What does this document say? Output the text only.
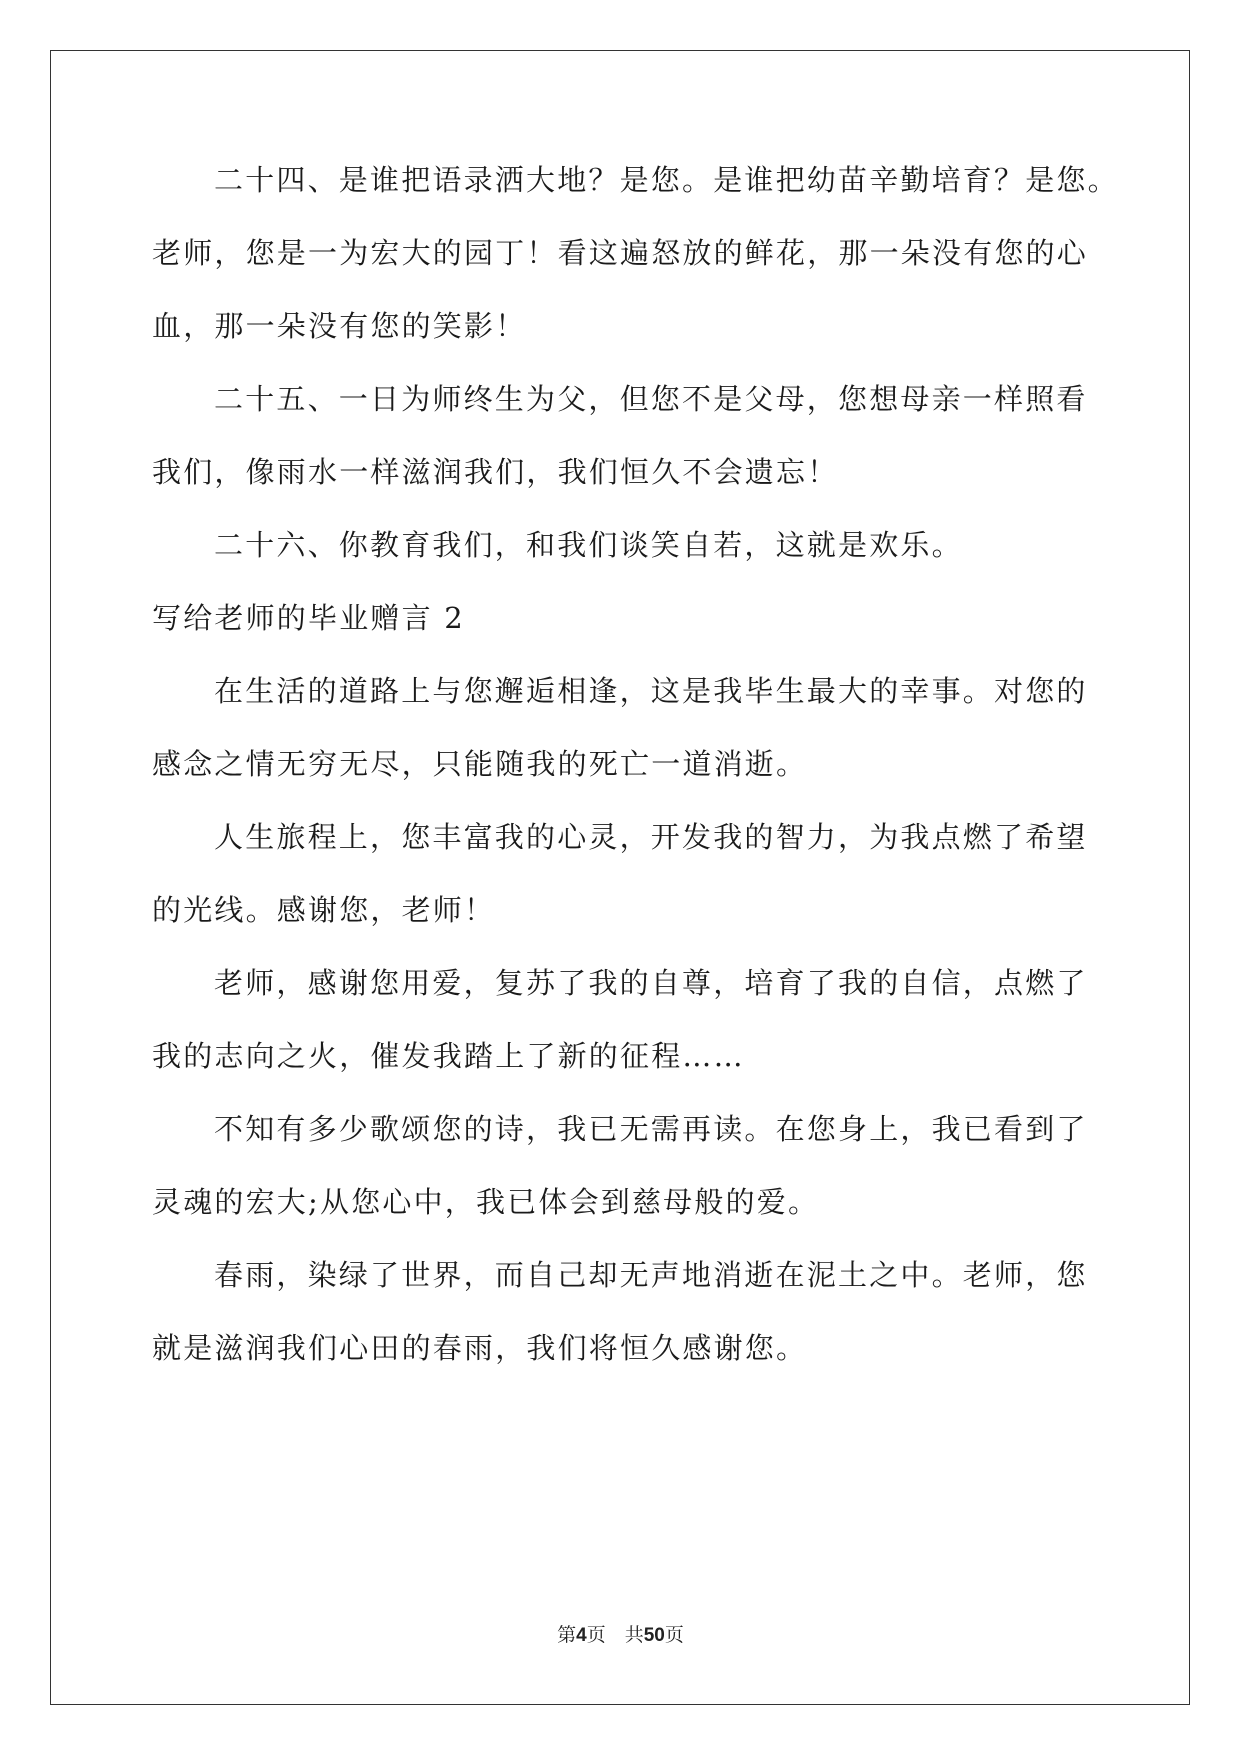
二十四、是谁把语录洒大地？是您。是谁把幼苗辛勤培育？是您。
老师，您是一为宏大的园丁！看这遍怒放的鲜花，那一朵没有您的心
血，那一朵没有您的笑影！
二十五、一日为师终生为父，但您不是父母，您想母亲一样照看
我们，像雨水一样滋润我们，我们恒久不会遗忘！
二十六、你教育我们，和我们谈笑自若，这就是欢乐。
写给老师的毕业赠言 2
在生活的道路上与您邂逅相逢，这是我毕生最大的幸事。对您的
感念之情无穷无尽，只能随我的死亡一道消逝。
人生旅程上，您丰富我的心灵，开发我的智力，为我点燃了希望
的光线。感谢您，老师！
老师，感谢您用爱，复苏了我的自尊，培育了我的自信，点燃了
我的志向之火，催发我踏上了新的征程……
不知有多少歌颂您的诗，我已无需再读。在您身上，我已看到了
灵魂的宏大;从您心中，我已体会到慈母般的爱。
春雨，染绿了世界，而自己却无声地消逝在泥土之中。老师，您
就是滋润我们心田的春雨，我们将恒久感谢您。
第4页　共50页
